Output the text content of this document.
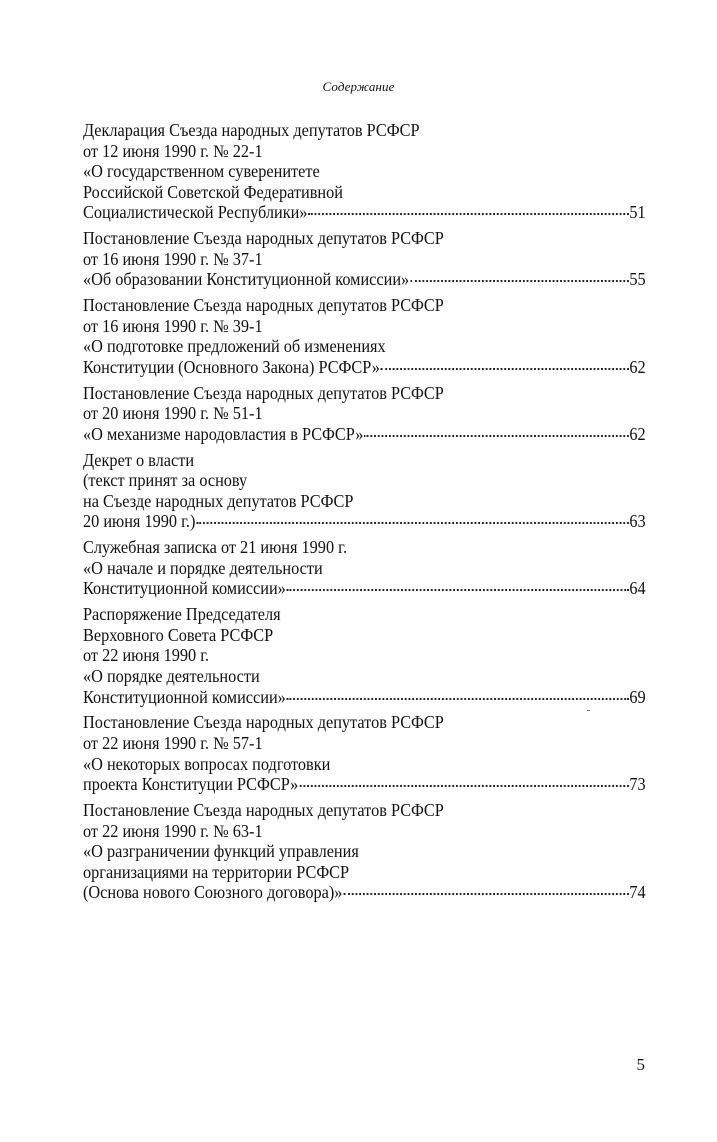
Содержание
Декларация Съезда народных депутатов РСФСР
от 12 июня 1990 г. № 22-1
«О государственном суверенитете
Российской Советской Федеративной
Социалистической Республики»	51
Постановление Съезда народных депутатов РСФСР
от 16 июня 1990 г. № 37-1
«Об образовании Конституционной комиссии»	55
Постановление Съезда народных депутатов РСФСР
от 16 июня 1990 г. № 39-1
«О подготовке предложений об изменениях
Конституции (Основного Закона) РСФСР»	62
Постановление Съезда народных депутатов РСФСР
от 20 июня 1990 г. № 51-1
«О механизме народовластия в РСФСР»	62
Декрет о власти
(текст принят за основу
на Съезде народных депутатов РСФСР
20 июня 1990 г.)	63
Служебная записка от 21 июня 1990 г.
«О начале и порядке деятельности
Конституционной комиссии»	64
Распоряжение Председателя
Верховного Совета РСФСР
от 22 июня 1990 г.
«О порядке деятельности
Конституционной комиссии»	69
Постановление Съезда народных депутатов РСФСР
от 22 июня 1990 г. № 57-1
«О некоторых вопросах подготовки
проекта Конституции РСФСР»	73
Постановление Съезда народных депутатов РСФСР
от 22 июня 1990 г. № 63-1
«О разграничении функций управления
организациями на территории РСФСР
(Основа нового Союзного договора)»	74
5
